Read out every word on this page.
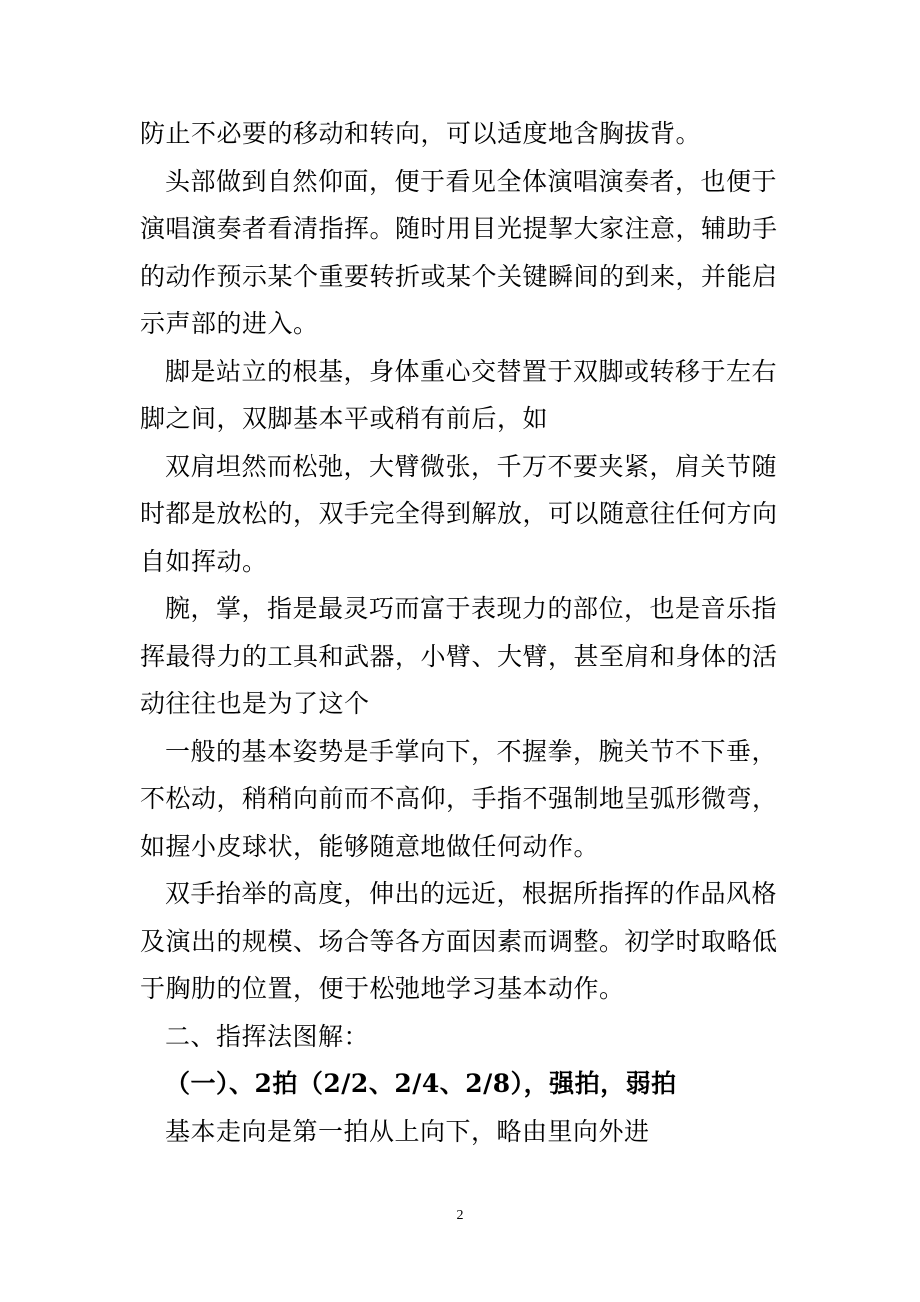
防止不必要的移动和转向，可以适度地含胸拔背。

头部做到自然仰面，便于看见全体演唱演奏者，也便于演唱演奏者看清指挥。随时用目光提挈大家注意，辅助手的动作预示某个重要转折或某个关键瞬间的到来，并能启示声部的进入。

脚是站立的根基，身体重心交替置于双脚或转移于左右脚之间，双脚基本平或稍有前后，如

双肩坦然而松弛，大臂微张，千万不要夹紧，肩关节随时都是放松的，双手完全得到解放，可以随意往任何方向自如挥动。

腕，掌，指是最灵巧而富于表现力的部位，也是音乐指挥最得力的工具和武器，小臂、大臂，甚至肩和身体的活动往往也是为了这个

一般的基本姿势是手掌向下，不握拳，腕关节不下垂，不松动，稍稍向前而不高仰，手指不强制地呈弧形微弯，如握小皮球状，能够随意地做任何动作。

双手抬举的高度，伸出的远近，根据所指挥的作品风格及演出的规模、场合等各方面因素而调整。初学时取略低于胸肋的位置，便于松弛地学习基本动作。

二、指挥法图解：

（一）、2拍（2/2、2/4、2/8），强拍，弱拍

基本走向是第一拍从上向下，略由里向外进

2
